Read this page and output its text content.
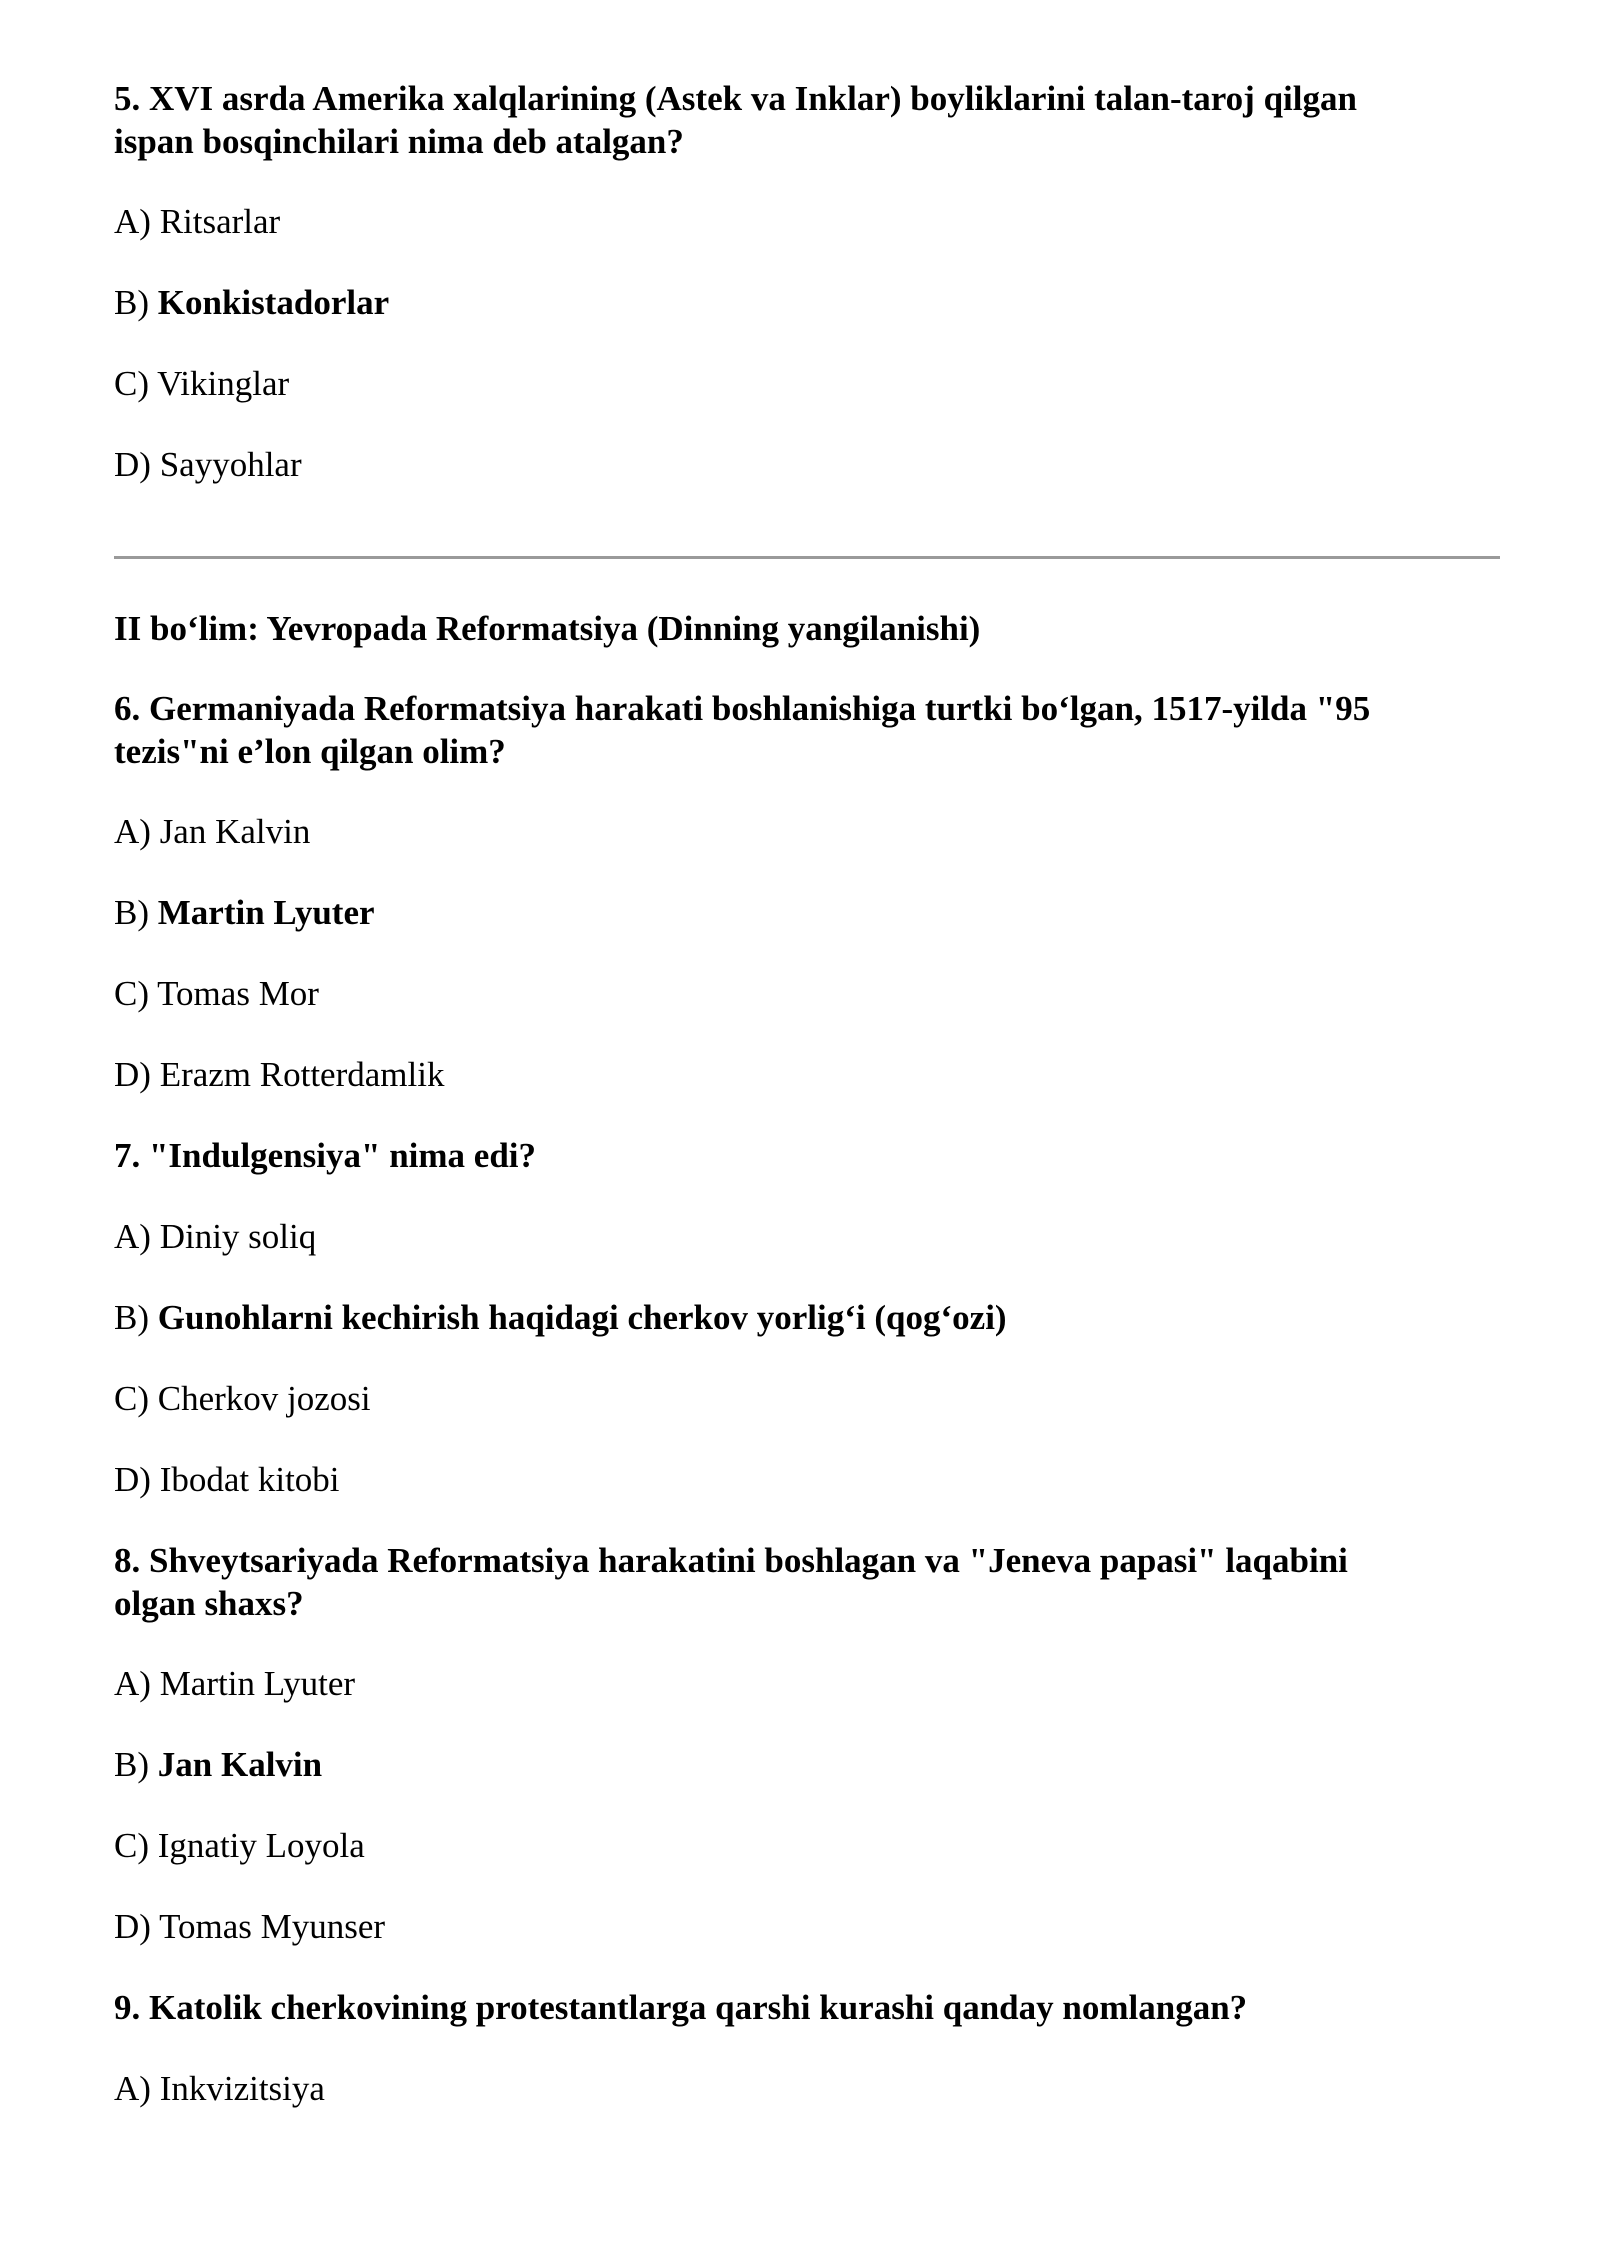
5. XVI asrda Amerika xalqlarining (Astek va Inklar) boyliklarini talan-taroj qilgan

ispan bosqinchilari nima deb atalgan?

A) Ritsarlar

B) Konkistadorlar

C) Vikinglar

D) Sayyohlar

II bo‘lim: Yevropada Reformatsiya (Dinning yangilanishi)

6. Germaniyada Reformatsiya harakati boshlanishiga turtki bo‘lgan, 1517-yilda "95

tezis"ni e’lon qilgan olim?

A) Jan Kalvin

B) Martin Lyuter

C) Tomas Mor

D) Erazm Rotterdamlik

7. "Indulgensiya" nima edi?

A) Diniy soliq

B) Gunohlarni kechirish haqidagi cherkov yorlig‘i (qog‘ozi)

C) Cherkov jozosi

D) Ibodat kitobi

8. Shveytsariyada Reformatsiya harakatini boshlagan va "Jeneva papasi" laqabini

olgan shaxs?

A) Martin Lyuter

B) Jan Kalvin

C) Ignatiy Loyola

D) Tomas Myunser

9. Katolik cherkovining protestantlarga qarshi kurashi qanday nomlangan?

A) Inkvizitsiya
